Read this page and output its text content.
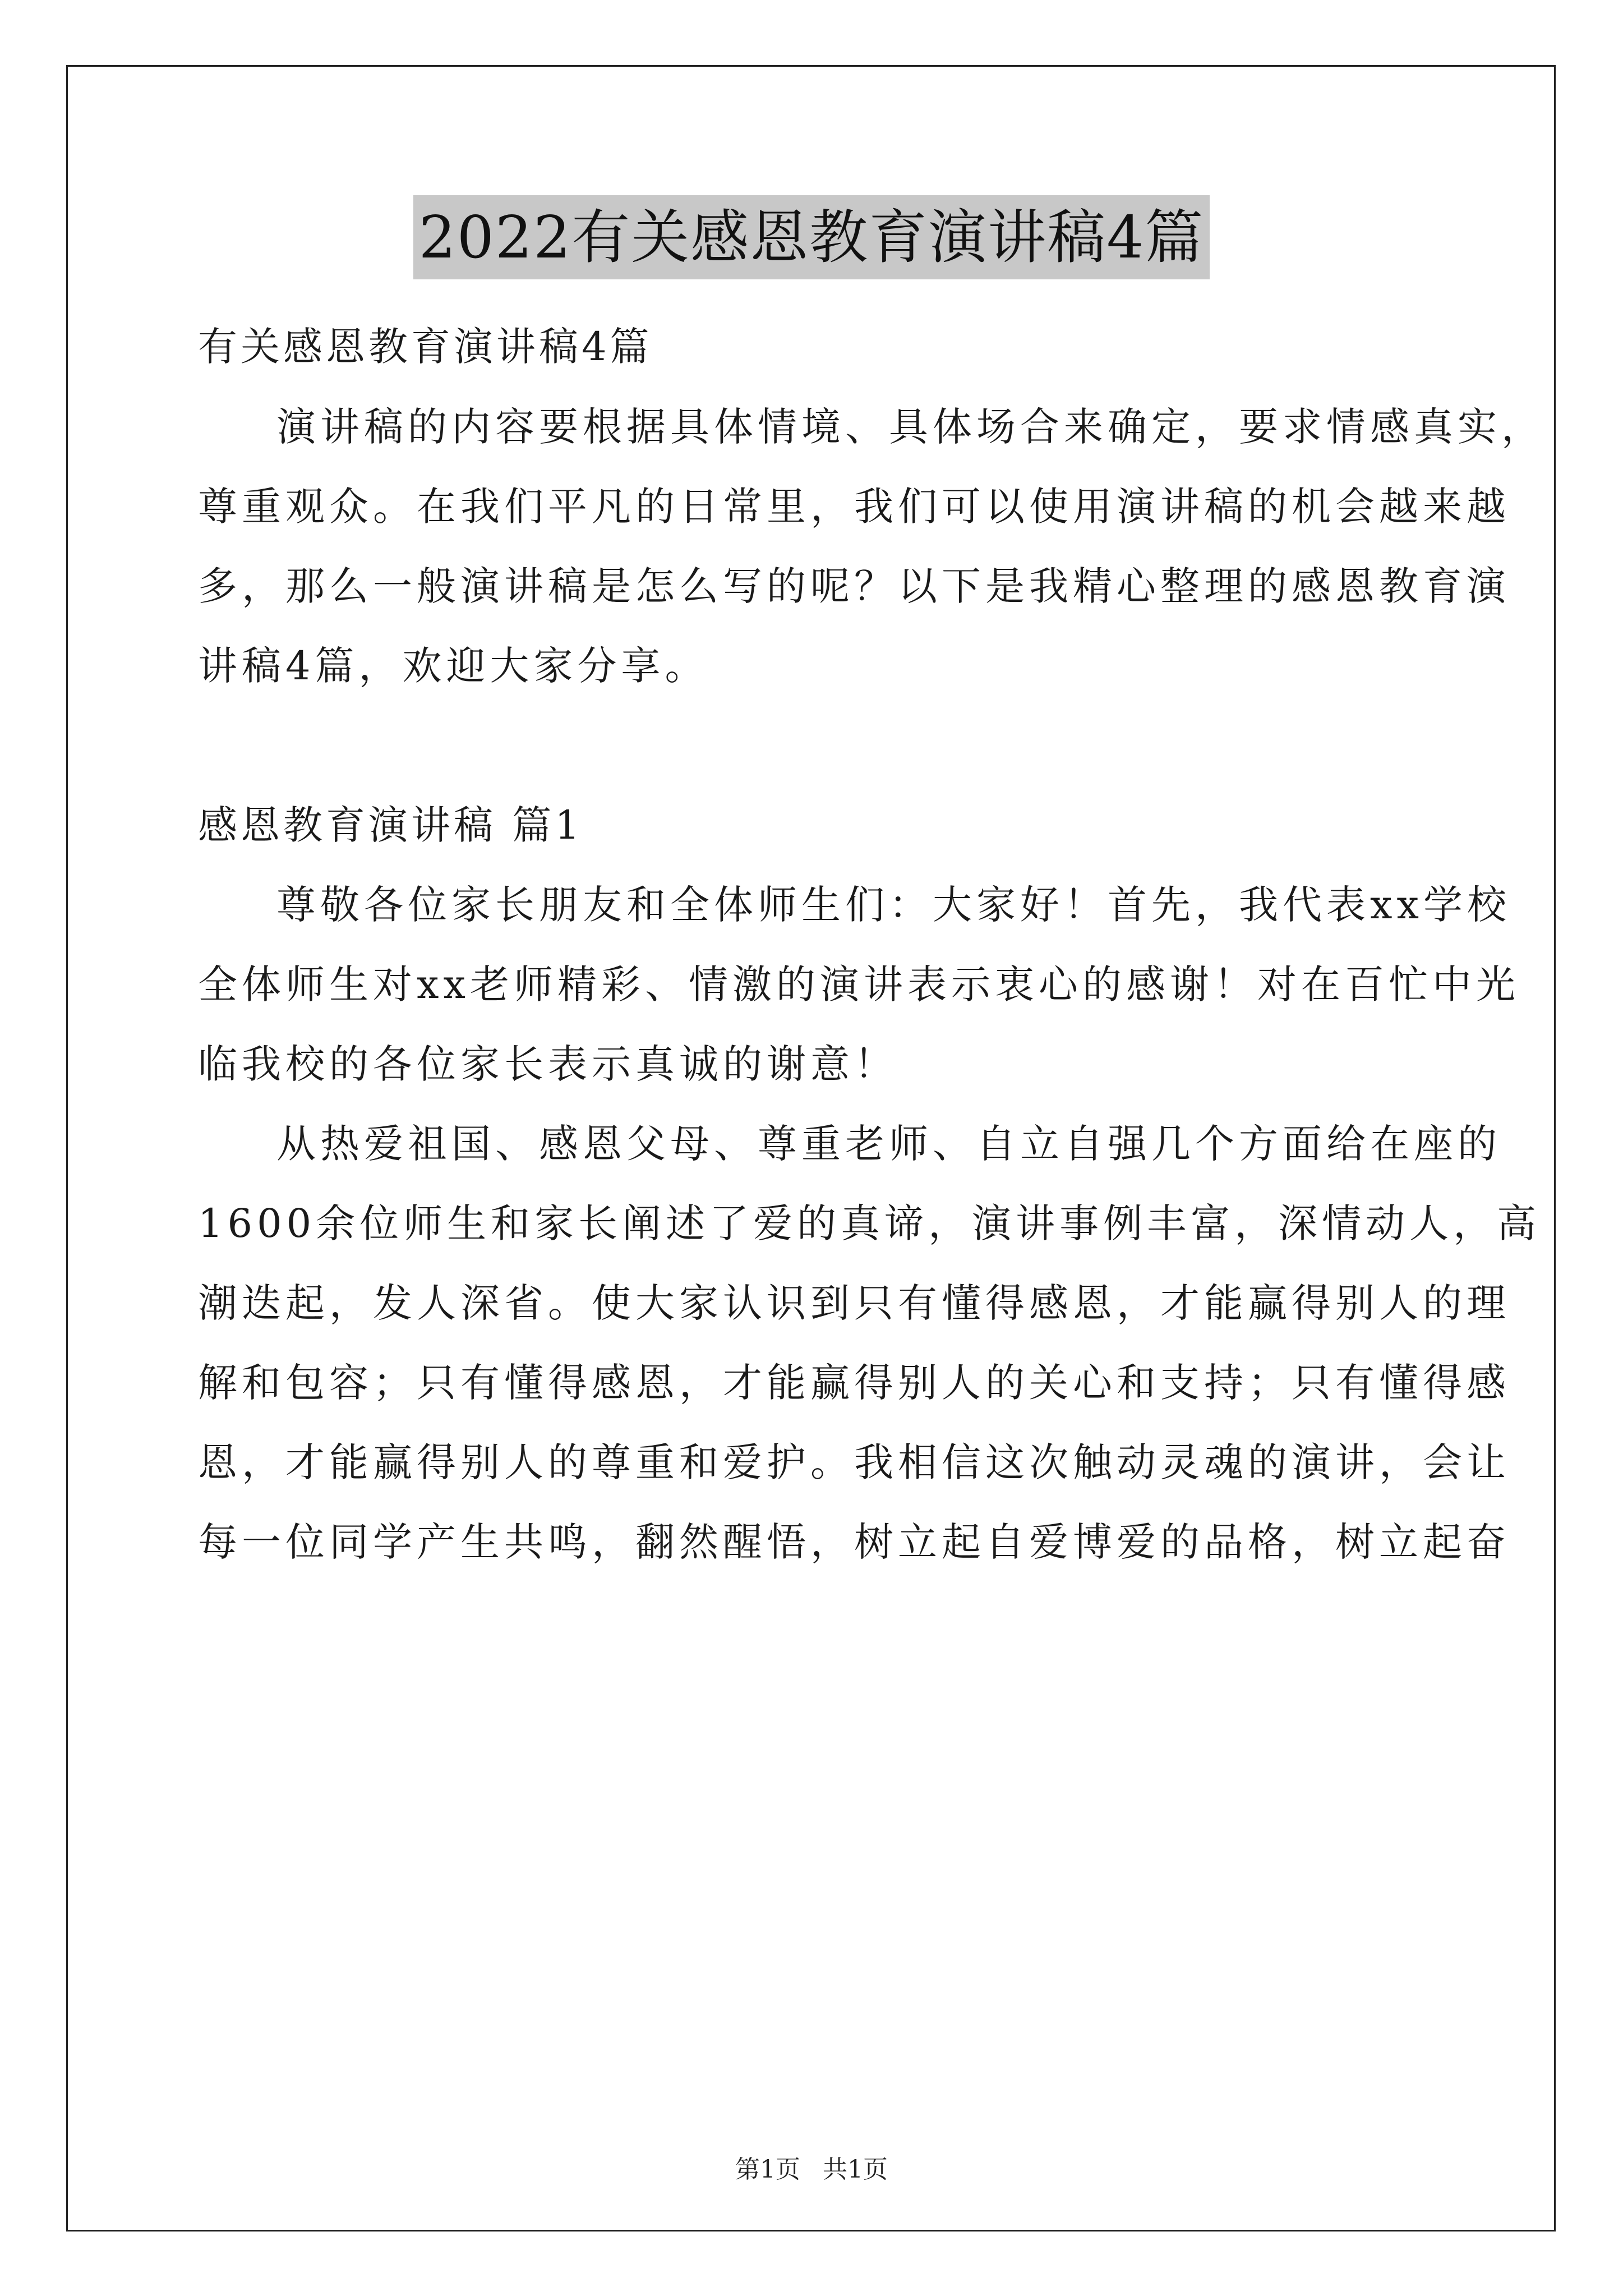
2022有关感恩教育演讲稿4篇
有关感恩教育演讲稿4篇
演讲稿的内容要根据具体情境、具体场合来确定，要求情感真实，
尊重观众。在我们平凡的日常里，我们可以使用演讲稿的机会越来越
多，那么一般演讲稿是怎么写的呢？以下是我精心整理的感恩教育演
讲稿4篇，欢迎大家分享。
感恩教育演讲稿 篇1
尊敬各位家长朋友和全体师生们：大家好！首先，我代表xx学校
全体师生对xx老师精彩、情激的演讲表示衷心的感谢！对在百忙中光
临我校的各位家长表示真诚的谢意！
从热爱祖国、感恩父母、尊重老师、自立自强几个方面给在座的
1600余位师生和家长阐述了爱的真谛，演讲事例丰富，深情动人，高
潮迭起，发人深省。使大家认识到只有懂得感恩，才能赢得别人的理
解和包容；只有懂得感恩，才能赢得别人的关心和支持；只有懂得感
恩，才能赢得别人的尊重和爱护。我相信这次触动灵魂的演讲，会让
每一位同学产生共鸣，翻然醒悟，树立起自爱博爱的品格，树立起奋
第1页 共1页
